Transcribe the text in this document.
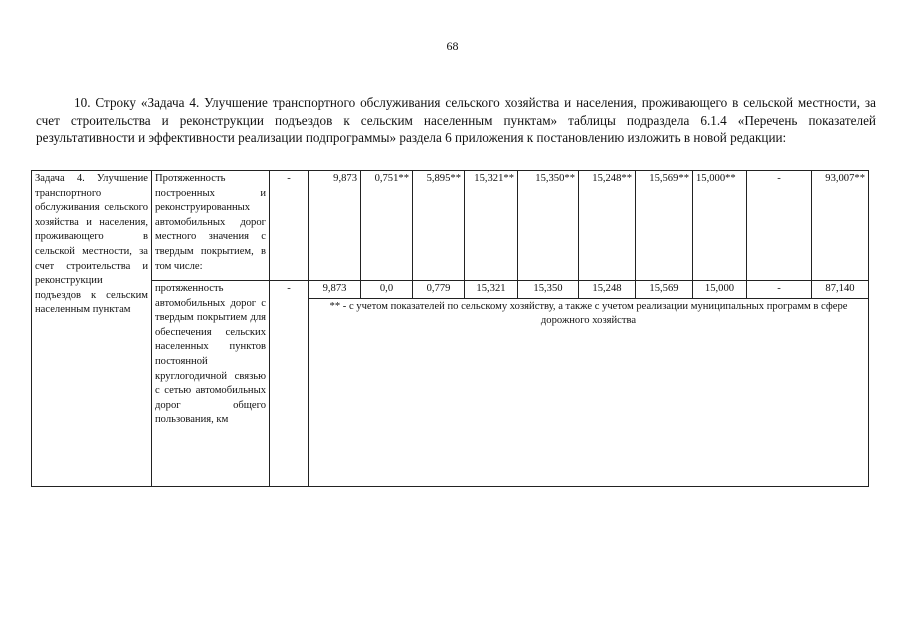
68
10. Строку «Задача 4. Улучшение транспортного обслуживания сельского хозяйства и населения, проживающего в сельской местности, за счет строительства и реконструкции подъездов к сельским населенным пунктам» таблицы подраздела 6.1.4 «Перечень показателей результативности и эффективности реализации подпрограммы» раздела 6 приложения к постановлению изложить в новой редакции:
Задача 4. Улучшение транспортного обслуживания сельского хозяйства и населения, проживающего в сельской местности, за счет строительства и реконструкции подъездов к сельским населенным пунктам	Протяженность построенных и реконструированных автомобильных дорог местного значения с твердым покрытием, в том числе:	-	9,873	0,751**	5,895**	15,321**	15,350**	15,248**	15,569**	15,000**	-	93,007**

	протяженность автомобильных дорог с твердым покрытием для обеспечения сельских населенных пунктов постоянной круглогодичной связью с сетью автомобильных дорог общего пользования, км	-	9,873	0,0	0,779	15,321	15,350	15,248	15,569	15,000	-	87,140

			** - с учетом показателей по сельскому хозяйству, а также с учетом реализации муниципальных программ в сфере дорожного хозяйства									
